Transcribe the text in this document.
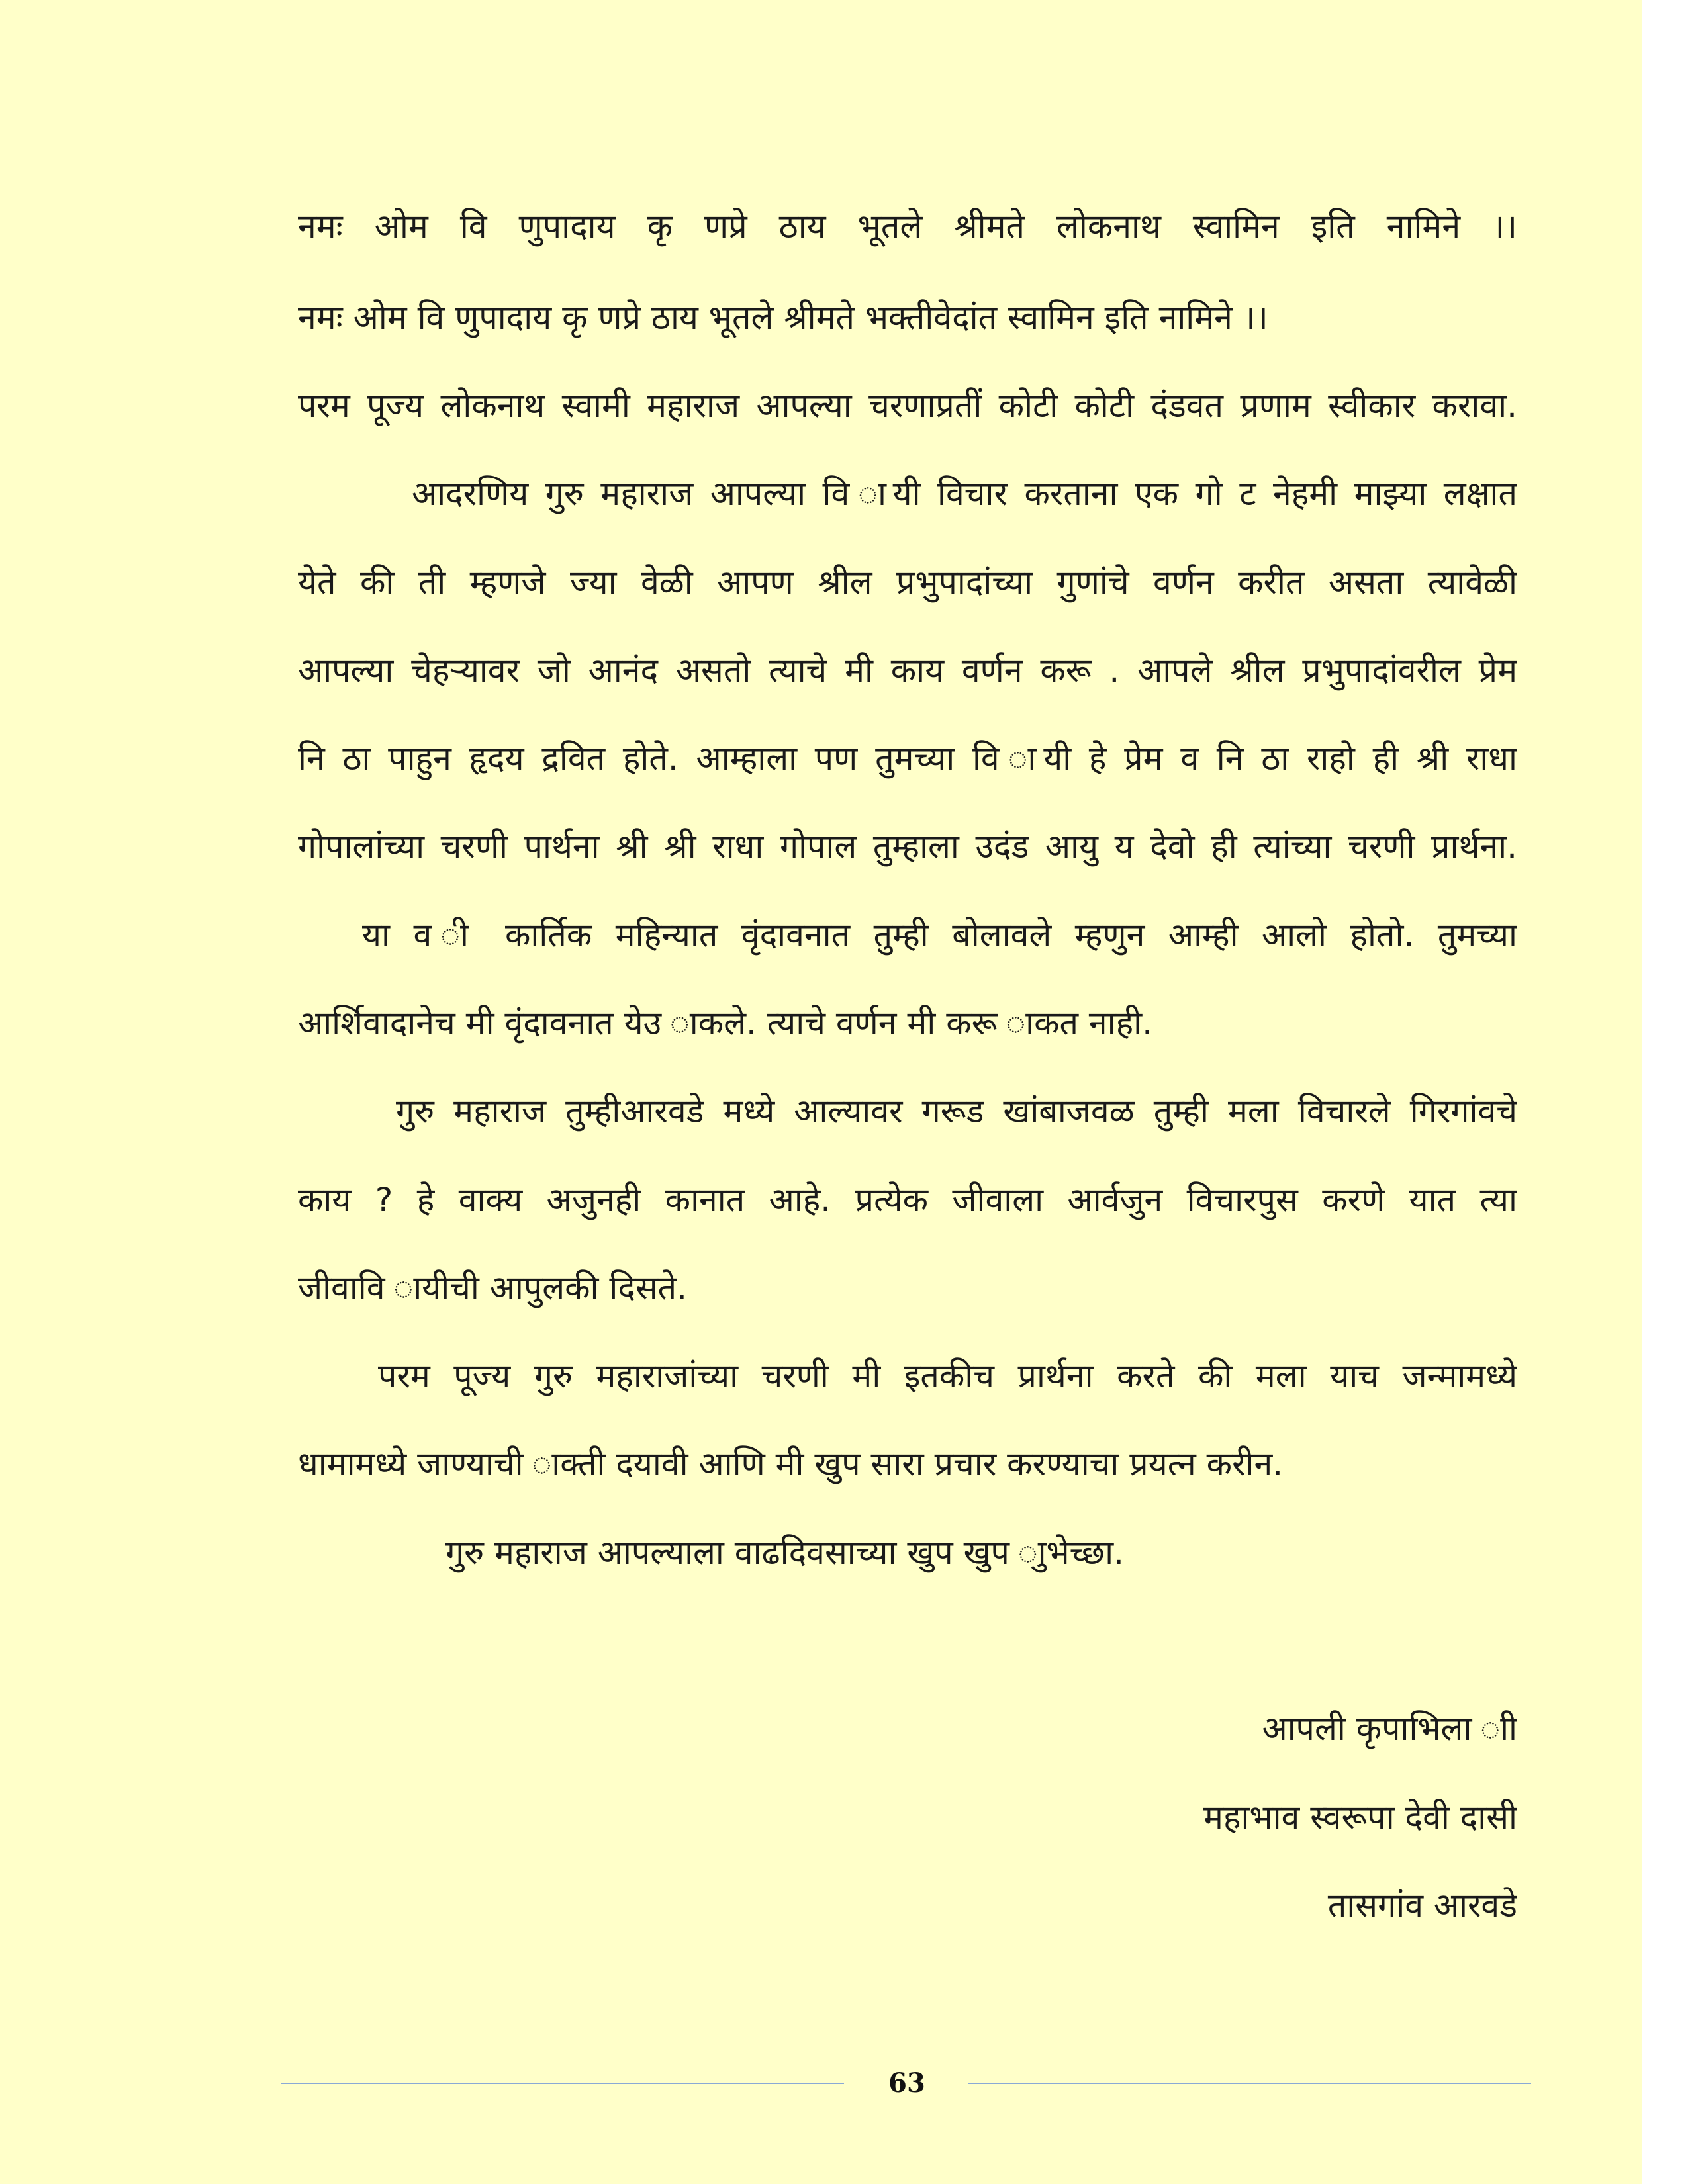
नमः ओम वि णुपादाय कृ णप्रे ठाय भूतले श्रीमते लोकनाथ स्वामिन इति नामिने ।।
नमः ओम वि णुपादाय कृ णप्रे ठाय भूतले श्रीमते भक्तीवेदांत स्वामिन इति नामिने ।।
परम पूज्य लोकनाथ स्वामी महाराज आपल्या चरणाप्रतीं कोटी कोटी दंडवत प्रणाम स्वीकार करावा.
आदरणिय गुरु महाराज आपल्या वि ायी विचार करताना एक गो ट नेहमी माझ्या लक्षात
येते की ती म्हणजे ज्या वेळी आपण श्रील प्रभुपादांच्या गुणांचे वर्णन करीत असता त्यावेळी
आपल्या चेहऱ्यावर जो आनंद असतो त्याचे मी काय वर्णन करू . आपले श्रील प्रभुपादांवरील प्रेम
नि ठा पाहुन हृदय द्रवित होते. आम्हाला पण तुमच्या वि ायी हे प्रेम व नि ठा राहो ही श्री राधा
गोपालांच्या चरणी पार्थना श्री श्री राधा गोपाल तुम्हाला उदंड आयु य देवो ही त्यांच्या चरणी प्रार्थना.
या व ी कार्तिक महिन्यात वृंदावनात तुम्ही बोलावले म्हणुन आम्ही आलो होतो. तुमच्या
आर्शिवादानेच मी वृंदावनात येउ ाकले. त्याचे वर्णन मी करू ाकत नाही.
गुरु महाराज तुम्हीआरवडे मध्ये आल्यावर गरूड खांबाजवळ तुम्ही मला विचारले गिरगांवचे
काय ? हे वाक्य अजुनही कानात आहे. प्रत्येक जीवाला आर्वजुन विचारपुस करणे यात त्या
जीवावि ायीची आपुलकी दिसते.
परम पूज्य गुरु महाराजांच्या चरणी मी इतकीच प्रार्थना करते की मला याच जन्मामध्ये
धामामध्ये जाण्याची ाक्ती दयावी आणि मी खुप सारा प्रचार करण्याचा प्रयत्न करीन.
गुरु महाराज आपल्याला वाढदिवसाच्या खुप खुप ाुभेच्छा.
आपली कृपाभिला ाी
महाभाव स्वरूपा देवी दासी
तासगांव आरवडे
63
